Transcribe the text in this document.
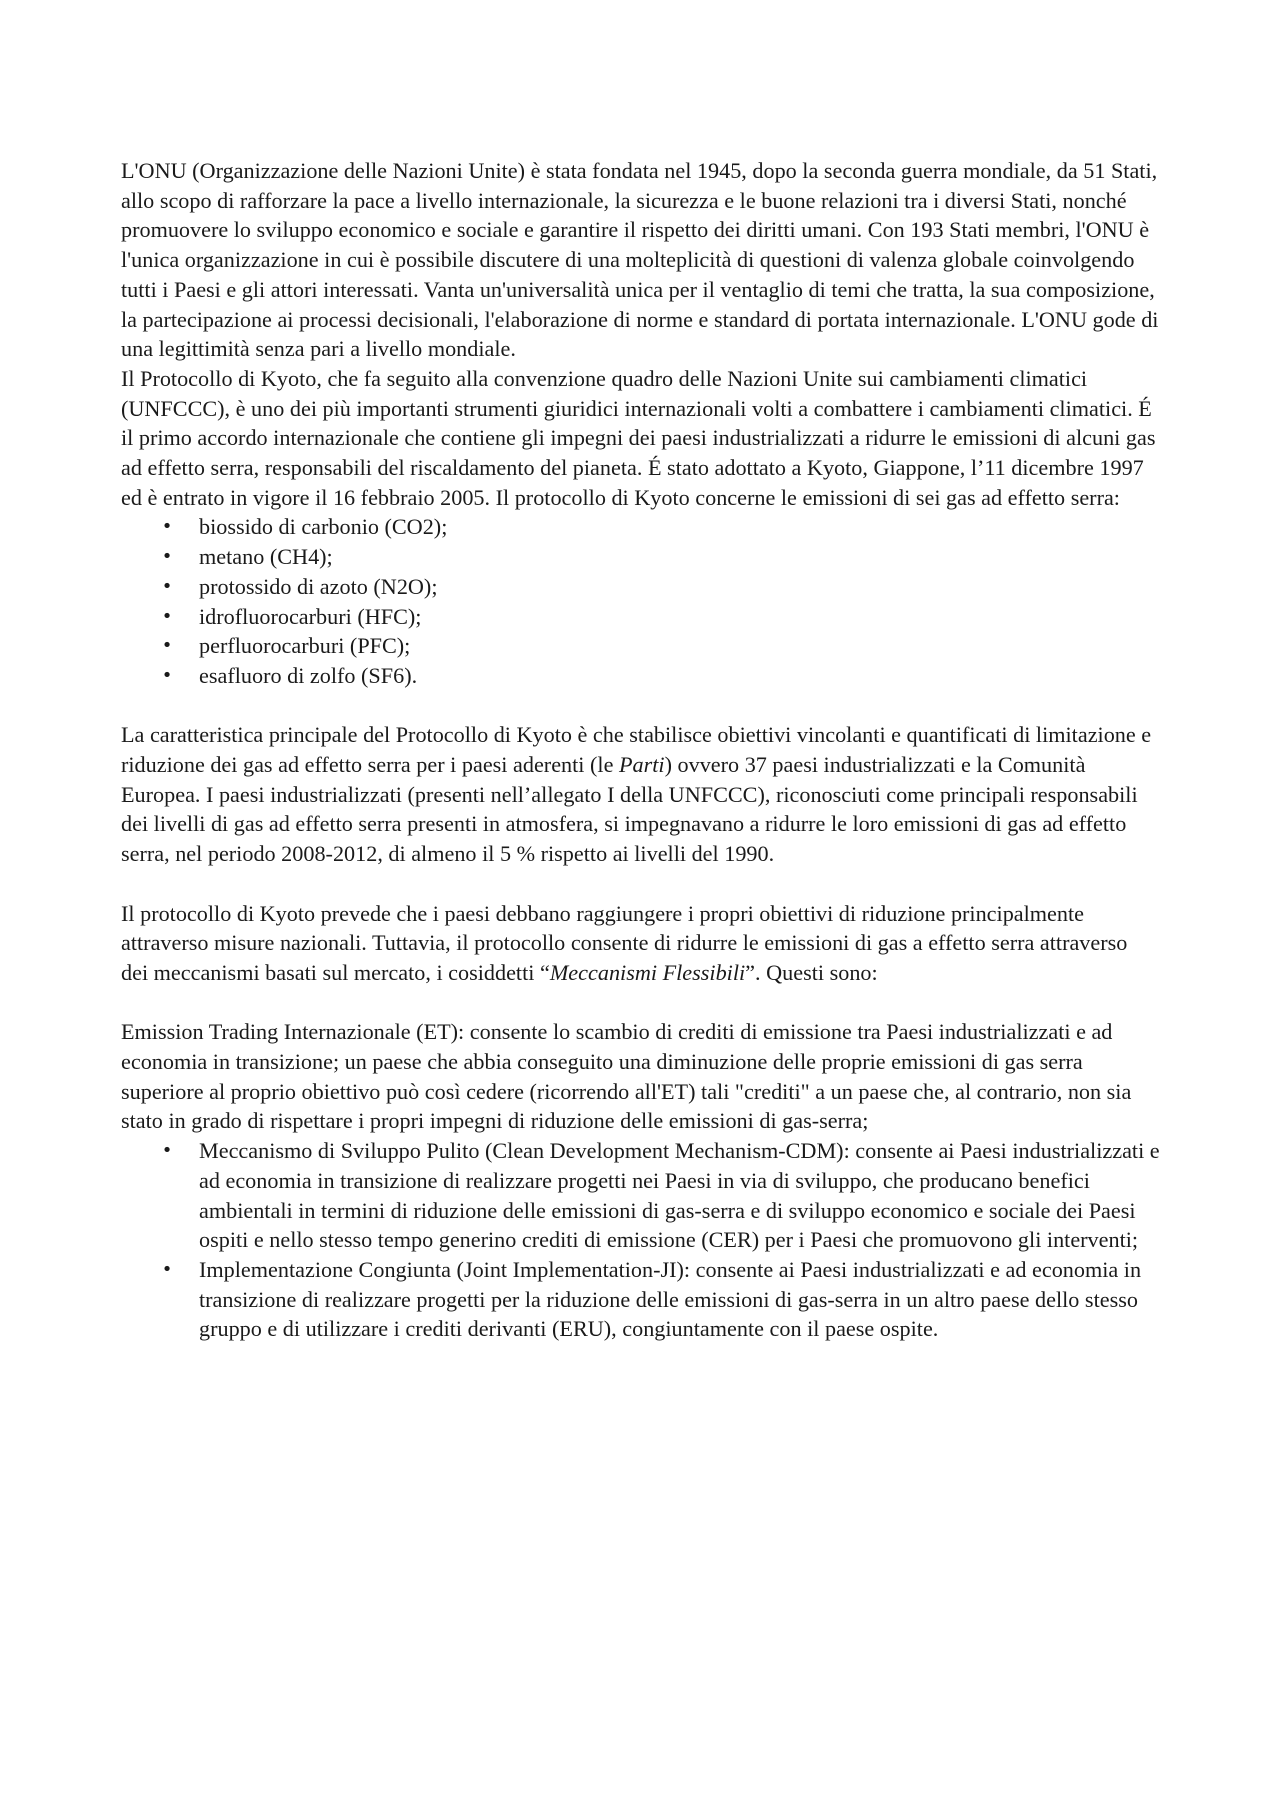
L'ONU (Organizzazione delle Nazioni Unite) è stata fondata nel 1945, dopo la seconda guerra mondiale, da 51 Stati, allo scopo di rafforzare la pace a livello internazionale, la sicurezza e le buone relazioni tra i diversi Stati, nonché promuovere lo sviluppo economico e sociale e garantire il rispetto dei diritti umani. Con 193 Stati membri, l'ONU è l'unica organizzazione in cui è possibile discutere di una molteplicità di questioni di valenza globale coinvolgendo tutti i Paesi e gli attori interessati. Vanta un'universalità unica per il ventaglio di temi che tratta, la sua composizione, la partecipazione ai processi decisionali, l'elaborazione di norme e standard di portata internazionale. L'ONU gode di una legittimità senza pari a livello mondiale.

Il Protocollo di Kyoto, che fa seguito alla convenzione quadro delle Nazioni Unite sui cambiamenti climatici (UNFCCC), è uno dei più importanti strumenti giuridici internazionali volti a combattere i cambiamenti climatici. É il primo accordo internazionale che contiene gli impegni dei paesi industrializzati a ridurre le emissioni di alcuni gas ad effetto serra, responsabili del riscaldamento del pianeta. É stato adottato a Kyoto, Giappone, l’11 dicembre 1997 ed è entrato in vigore il 16 febbraio 2005. Il protocollo di Kyoto concerne le emissioni di sei gas ad effetto serra:

• biossido di carbonio (CO2);
• metano (CH4);
• protossido di azoto (N2O);
• idrofluorocarburi (HFC);
• perfluorocarburi (PFC);
• esafluoro di zolfo (SF6).

La caratteristica principale del Protocollo di Kyoto è che stabilisce obiettivi vincolanti e quantificati di limitazione e riduzione dei gas ad effetto serra per i paesi aderenti (le Parti) ovvero 37 paesi industrializzati e la Comunità Europea. I paesi industrializzati (presenti nell’allegato I della UNFCCC), riconosciuti come principali responsabili dei livelli di gas ad effetto serra presenti in atmosfera, si impegnavano a ridurre le loro emissioni di gas ad effetto serra, nel periodo 2008-2012, di almeno il 5 % rispetto ai livelli del 1990.

Il protocollo di Kyoto prevede che i paesi debbano raggiungere i propri obiettivi di riduzione principalmente attraverso misure nazionali. Tuttavia, il protocollo consente di ridurre le emissioni di gas a effetto serra attraverso dei meccanismi basati sul mercato, i cosiddetti “Meccanismi Flessibili”. Questi sono:

Emission Trading Internazionale (ET): consente lo scambio di crediti di emissione tra Paesi industrializzati e ad economia in transizione; un paese che abbia conseguito una diminuzione delle proprie emissioni di gas serra superiore al proprio obiettivo può così cedere (ricorrendo all'ET) tali "crediti" a un paese che, al contrario, non sia stato in grado di rispettare i propri impegni di riduzione delle emissioni di gas-serra;

• Meccanismo di Sviluppo Pulito (Clean Development Mechanism-CDM): consente ai Paesi industrializzati e ad economia in transizione di realizzare progetti nei Paesi in via di sviluppo, che producano benefici ambientali in termini di riduzione delle emissioni di gas-serra e di sviluppo economico e sociale dei Paesi ospiti e nello stesso tempo generino crediti di emissione (CER) per i Paesi che promuovono gli interventi;
• Implementazione Congiunta (Joint Implementation-JI): consente ai Paesi industrializzati e ad economia in transizione di realizzare progetti per la riduzione delle emissioni di gas-serra in un altro paese dello stesso gruppo e di utilizzare i crediti derivanti (ERU), congiuntamente con il paese ospite.
